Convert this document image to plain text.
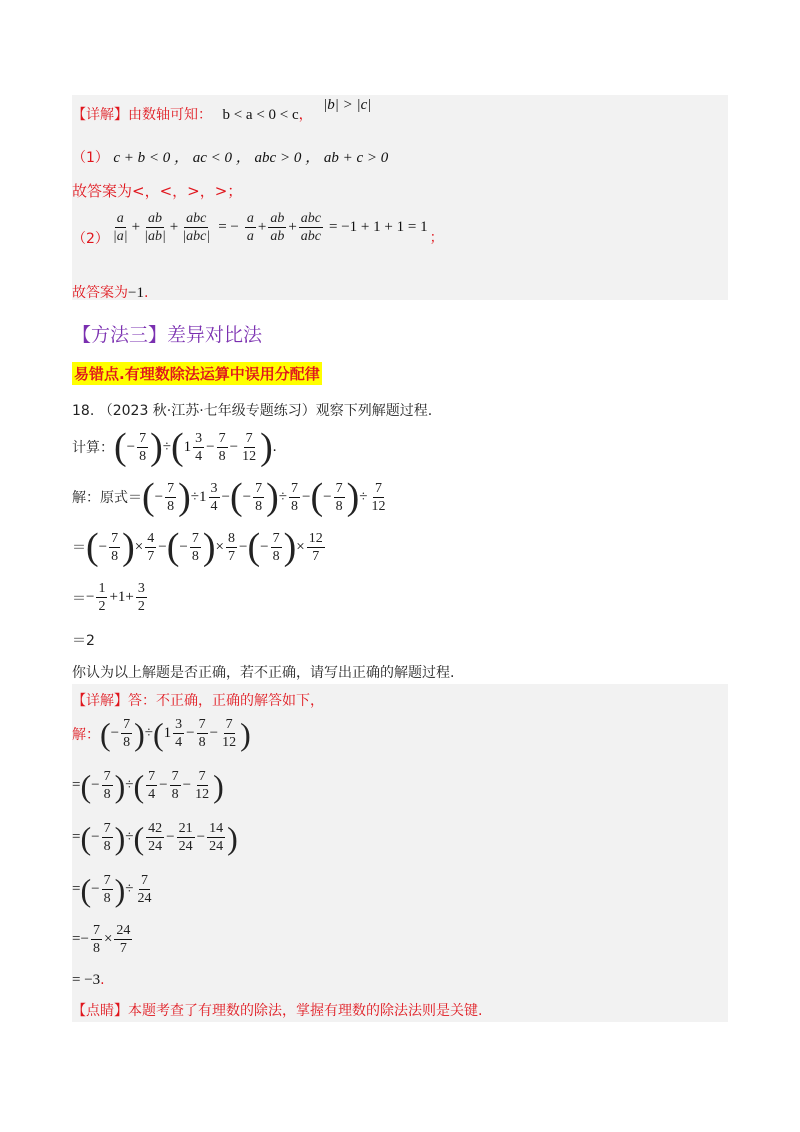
【详解】由数轴可知： b < a < 0 < c， |b| > |c|
（1） c + b < 0 ， ac < 0 ， abc > 0 ， ab + c > 0
故答案为<，<，>，>；
$(2) \frac{a}{|a|} + \frac{ab}{|ab|} + \frac{\text{abc}}{\text{|abc|}}$ = − $\frac{a}{a} + \frac{ab}{ab} + \frac{\text{abc}}{\text{abc}} = -1 + 1 + 1 = 1$
；
故答案为−1.
【方法三】差异对比法
易错点.有理数除法运算中误用分配律
18. （2023 秋·江苏·七年级专题练习）观察下列解题过程.
计算： ( − $\frac{7}{8}$ ) ÷ ( $1 \frac{3}{4} - \frac{7}{8} - \frac{7}{12}$ ) .
解：原式＝ ( − $\frac{7}{8}$ ) $\div 1 \frac{3}{4}$ − ( − $\frac{7}{8}$ ) ÷ $\frac{7}{8}$ − ( − $\frac{7}{8}$ ) ÷ $\frac{7}{12}$
＝ ( − $\frac{7}{8}$ ) × $\frac{4}{7}$ − ( − $\frac{7}{8}$ ) × $\frac{8}{7}$ − ( − $\frac{7}{8}$ ) × $\frac{12}{7}$
＝ − $\frac{1}{2} +1+ \frac{3}{2}$
＝2
你认为以上解题是否正确，若不正确，请写出正确的解题过程.
【详解】答：不正确，正确的解答如下，
解： ( − $\frac{7}{8}$ ) ÷ ( $1 \frac{3}{4} - \frac{7}{8} - \frac{7}{12}$ )
= ( − $\frac{7}{8}$ ) ÷ ( $\frac{7}{4} - \frac{7}{8} - \frac{7}{12}$ )
= ( − $\frac{7}{8}$ ) ÷ ( $\frac{42}{24} - \frac{21}{24} - \frac{14}{24}$ )
= ( − $\frac{7}{8}$ ) ÷ $\frac{7}{24}$
= − $\frac{7}{8} \times \frac{24}{7}$
= −3.
【点睛】本题考查了有理数的除法，掌握有理数的除法法则是关键.
